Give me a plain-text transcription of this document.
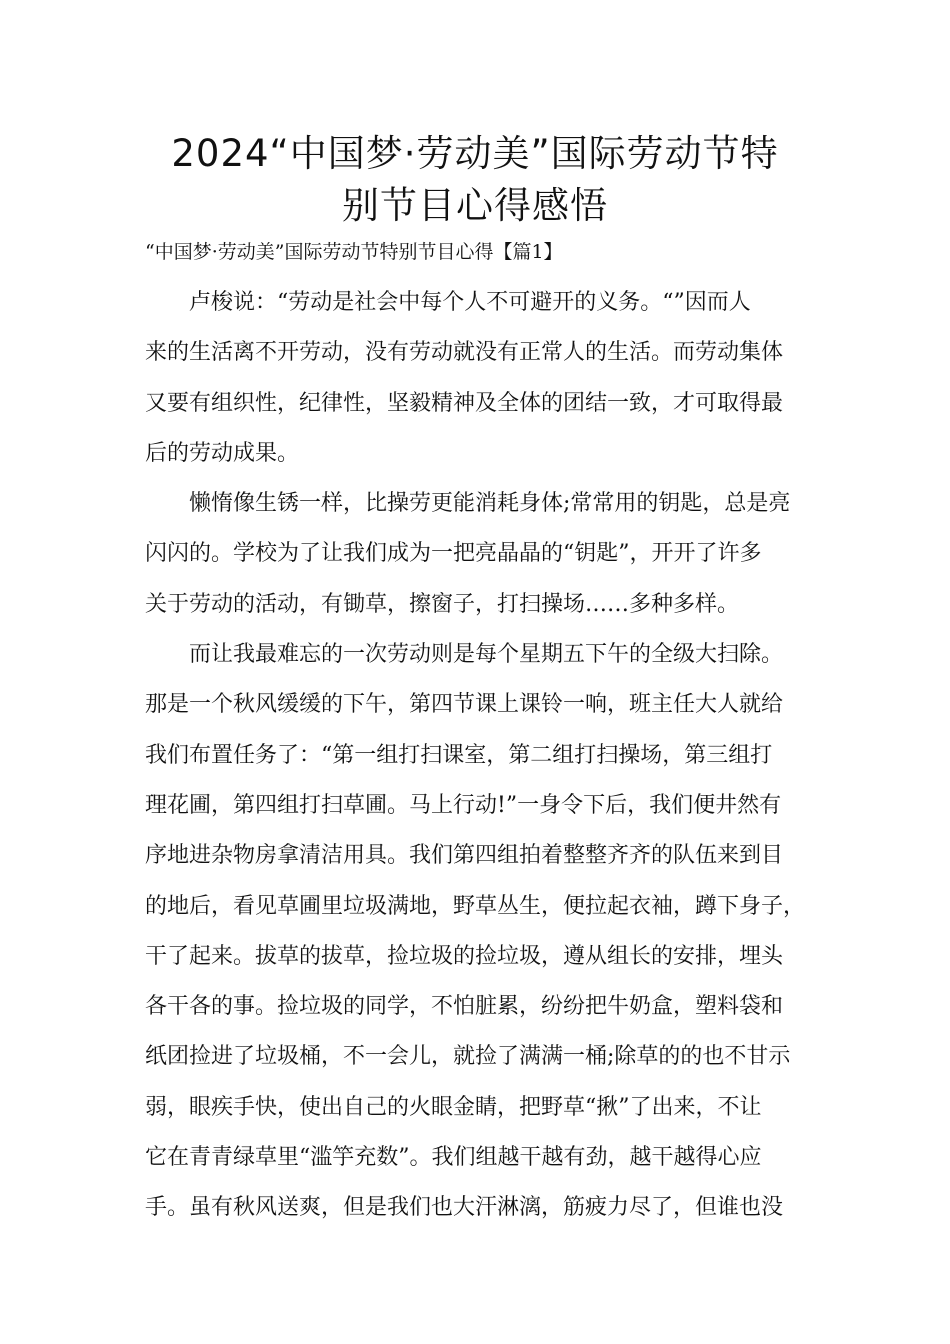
2024“中国梦·劳动美”国际劳动节特
别节目心得感悟

“中国梦·劳动美”国际劳动节特别节目心得【篇1】

卢梭说：“劳动是社会中每个人不可避开的义务。“”因而人
来的生活离不开劳动，没有劳动就没有正常人的生活。而劳动集体
又要有组织性，纪律性，坚毅精神及全体的团结一致，才可取得最
后的劳动成果。

懒惰像生锈一样，比操劳更能消耗身体;常常用的钥匙，总是亮
闪闪的。学校为了让我们成为一把亮晶晶的“钥匙”，开开了许多
关于劳动的活动，有锄草，擦窗子，打扫操场……多种多样。

而让我最难忘的一次劳动则是每个星期五下午的全级大扫除。
那是一个秋风缓缓的下午，第四节课上课铃一响，班主任大人就给
我们布置任务了：“第一组打扫课室，第二组打扫操场，第三组打
理花圃，第四组打扫草圃。马上行动!”一身令下后，我们便井然有
序地进杂物房拿清洁用具。我们第四组拍着整整齐齐的队伍来到目
的地后，看见草圃里垃圾满地，野草丛生，便拉起衣袖，蹲下身子，
干了起来。拔草的拔草，捡垃圾的捡垃圾，遵从组长的安排，埋头
各干各的事。捡垃圾的同学，不怕脏累，纷纷把牛奶盒，塑料袋和
纸团捡进了垃圾桶，不一会儿，就捡了满满一桶;除草的的也不甘示
弱，眼疾手快，使出自己的火眼金睛，把野草“揪”了出来，不让
它在青青绿草里“滥竽充数”。我们组越干越有劲，越干越得心应
手。虽有秋风送爽，但是我们也大汗淋漓，筋疲力尽了，但谁也没
